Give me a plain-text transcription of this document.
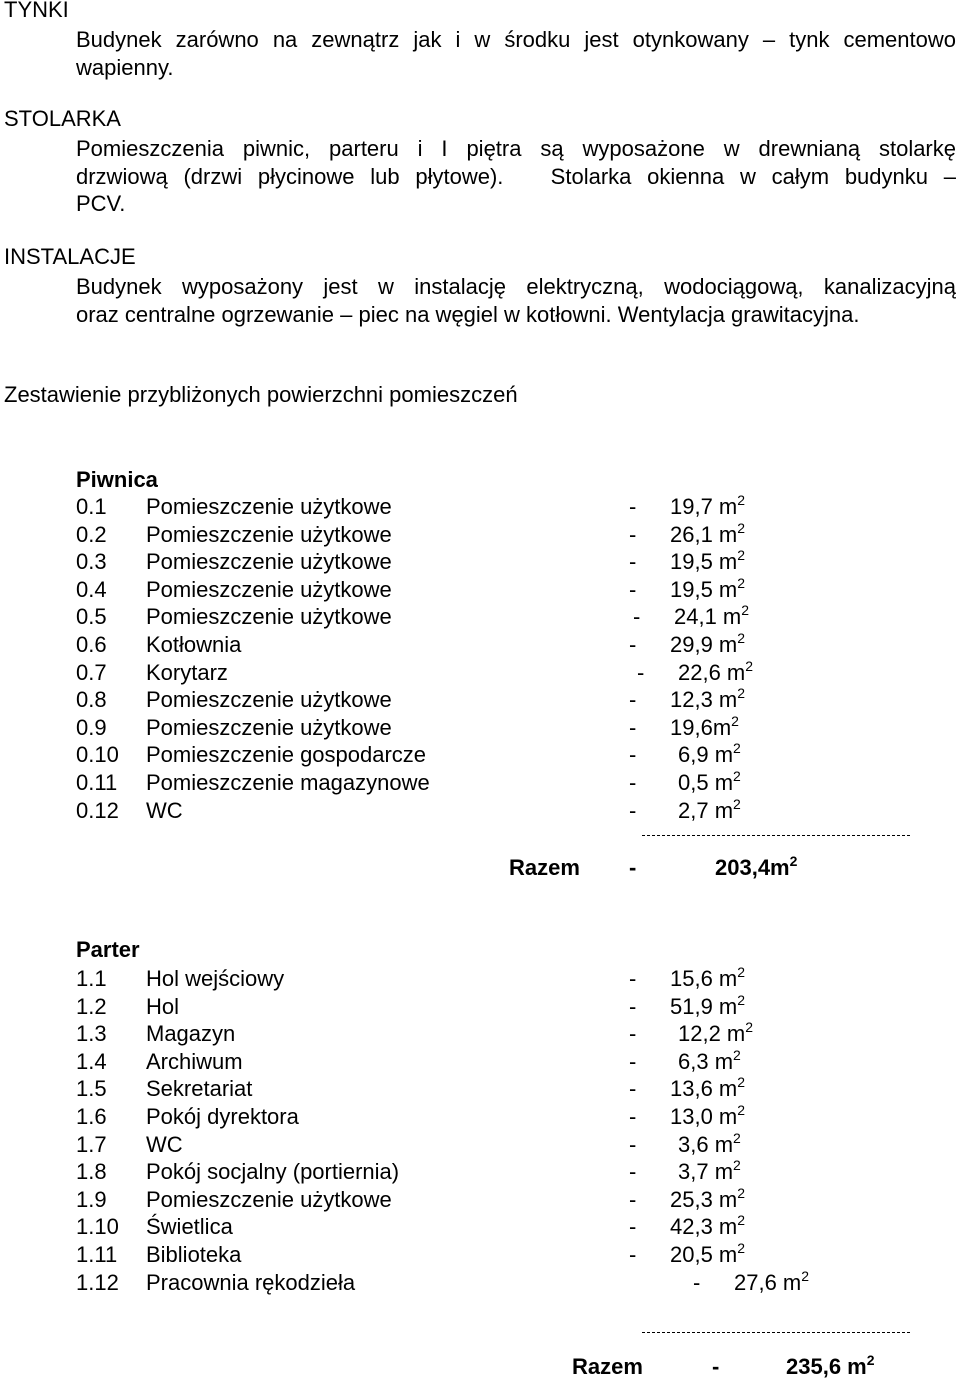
TYNKI
Budynek zarówno na zewnątrz jak i w środku jest otynkowany – tynk cementowo
wapienny.
STOLARKA
Pomieszczenia piwnic, parteru i I piętra są wyposażone w drewnianą stolarkę
drzwiową (drzwi płycinowe lub płytowe).   Stolarka okienna w całym budynku –
PCV.
INSTALACJE
Budynek wyposażony jest w instalację elektryczną, wodociągową, kanalizacyjną
oraz centralne ogrzewanie – piec na węgiel w kotłowni. Wentylacja grawitacyjna.
Zestawienie przybliżonych powierzchni pomieszczeń
Piwnica
0.1 Pomieszczenie użytkowe	- 19,7 $m^2$
0.2 Pomieszczenie użytkowe	- 26,1 $m^2$
0.3 Pomieszczenie użytkowe	- 19,5 $m^2$
0.4 Pomieszczenie użytkowe	- 19,5 $m^2$
0.5 Pomieszczenie użytkowe	- 24,1 $m^2$
0.6 Kotłownia	- 29,9 $m^2$
0.7 Korytarz	- 22,6 $m^2$
0.8 Pomieszczenie użytkowe	- 12,3 $m^2$
0.9 Pomieszczenie użytkowe	- $19,6m^2$
0.10 Pomieszczenie gospodarcze	- 6,9 $m^2$
0.11 Pomieszczenie magazynowe	- 0,5 $m^2$
0.12 WC	- 2,7 $m^2$
Razem -	$203,4m^2$
Parter
1.1 Hol wejściowy	- 15,6 $m^2$
1.2 Hol	- 51,9 $m^2$
1.3 Magazyn	- 12,2 $m^2$
1.4 Archiwum	- 6,3 $m^2$
1.5 Sekretariat	- 13,6 $m^2$
1.6 Pokój dyrektora	- 13,0 $m^2$
1.7 WC	- 3,6 $m^2$
1.8 Pokój socjalny (portiernia)	- 3,7 $m^2$
1.9 Pomieszczenie użytkowe	- 25,3 $m^2$
1.10 Świetlica	- 42,3 $m^2$
1.11 Biblioteka	- 20,5 $m^2$
1.12 Pracownia rękodzieła	- 27,6 $m^2$
Razem	-	235,6 $m^2$
